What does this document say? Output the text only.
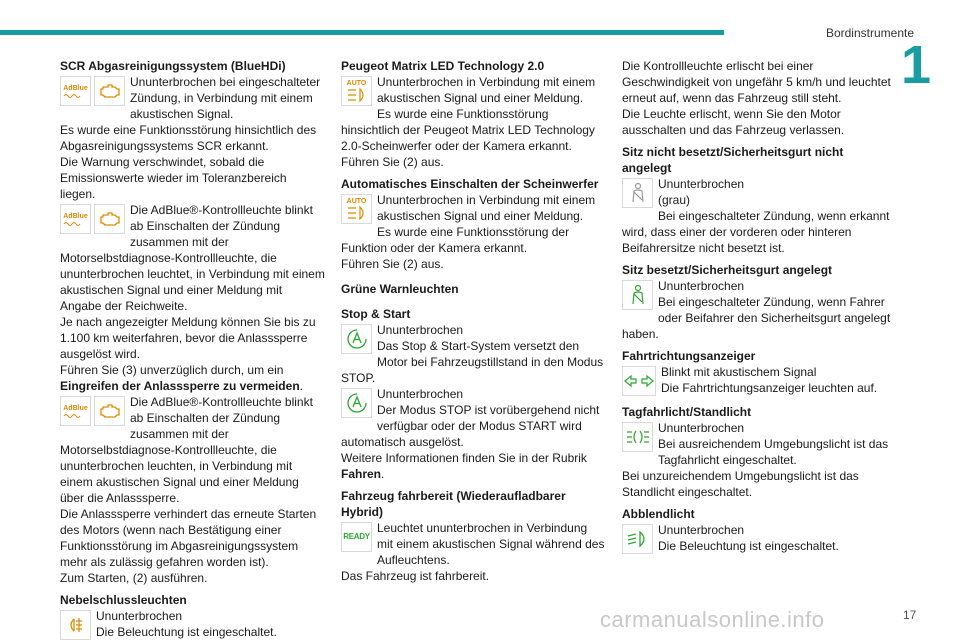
Bordinstrumente
1
SCR Abgasreinigungssystem (BlueHDi)
AdBlue	Ununterbrochen bei eingeschalteter Zündung, in Verbindung mit einem akustischen Signal.

Es wurde eine Funktionsstörung hinsichtlich des Abgasreinigungssystems SCR erkannt.

Die Warnung verschwindet, sobald die Emissionswerte wieder im Toleranzbereich liegen.

AdBlue	Die AdBlue®-Kontrollleuchte blinkt ab Einschalten der Zündung zusammen mit der Motorselbstdiagnose-Kontrollleuchte, die ununterbrochen leuchtet, in Verbindung mit einem akustischen Signal und einer Meldung mit Angabe der Reichweite.

Je nach angezeigter Meldung können Sie bis zu 1.100 km weiterfahren, bevor die Anlasssperre ausgelöst wird.

Führen Sie (3) unverzüglich durch, um ein Eingreifen der Anlasssperre zu vermeiden.

AdBlue	Die AdBlue®-Kontrollleuchte blinkt ab Einschalten der Zündung zusammen mit der Motorselbstdiagnose-Kontrollleuchte, die ununterbrochen leuchten, in Verbindung mit einem akustischen Signal und einer Meldung über die Anlasssperre.

Die Anlasssperre verhindert das erneute Starten des Motors (wenn nach Bestätigung einer Funktionsstörung im Abgasreinigungssystem mehr als zulässig gefahren worden ist).

Zum Starten, (2) ausführen.

Nebelschlussleuchten

Ununterbrochen

Die Beleuchtung ist eingeschaltet.

Peugeot Matrix LED Technology 2.0
AUTO Ununterbrochen in Verbindung mit einem akustischen Signal und einer Meldung.

Es wurde eine Funktionsstörung hinsichtlich der Peugeot Matrix LED Technology 2.0-Scheinwerfer oder der Kamera erkannt.

Führen Sie (2) aus.

Automatisches Einschalten der Scheinwerfer
AUTO Ununterbrochen in Verbindung mit einem akustischen Signal und einer Meldung.

Es wurde eine Funktionsstörung der Funktion oder der Kamera erkannt.

Führen Sie (2) aus.

Grüne Warnleuchten
Stop & Start

Ununterbrochen

Das Stop & Start-System versetzt den Motor bei Fahrzeugstillstand in den Modus STOP.

Ununterbrochen

Der Modus STOP ist vorübergehend nicht verfügbar oder der Modus START wird automatisch ausgelöst.

Weitere Informationen finden Sie in der Rubrik Fahren.

Fahrzeug fahrbereit (Wiederaufladbarer Hybrid)
READY

Leuchtet ununterbrochen in Verbindung mit einem akustischen Signal während des Aufleuchtens.

Das Fahrzeug ist fahrbereit.

Die Kontrollleuchte erlischt bei einer Geschwindigkeit von ungefähr 5 km/h und leuchtet erneut auf, wenn das Fahrzeug still steht.

Die Leuchte erlischt, wenn Sie den Motor ausschalten und das Fahrzeug verlassen.

Sitz nicht besetzt/Sicherheitsgurt nicht angelegt

Ununterbrochen

(grau)

Bei eingeschalteter Zündung, wenn erkannt wird, dass einer der vorderen oder hinteren Beifahrersitze nicht besetzt ist.

Sitz besetzt/Sicherheitsgurt angelegt

Ununterbrochen

Bei eingeschalteter Zündung, wenn Fahrer oder Beifahrer den Sicherheitsgurt angelegt haben.

Fahrtrichtungsanzeiger

Blinkt mit akustischem Signal

Die Fahrtrichtungsanzeiger leuchten auf.

Tagfahrlicht/Standlicht

Ununterbrochen

Bei ausreichendem Umgebungslicht ist das Tagfahrlicht eingeschaltet.

Bei unzureichendem Umgebungslicht ist das Standlicht eingeschaltet.

Abblendlicht

Ununterbrochen

Die Beleuchtung ist eingeschaltet.

carmanualsonline.info	17
